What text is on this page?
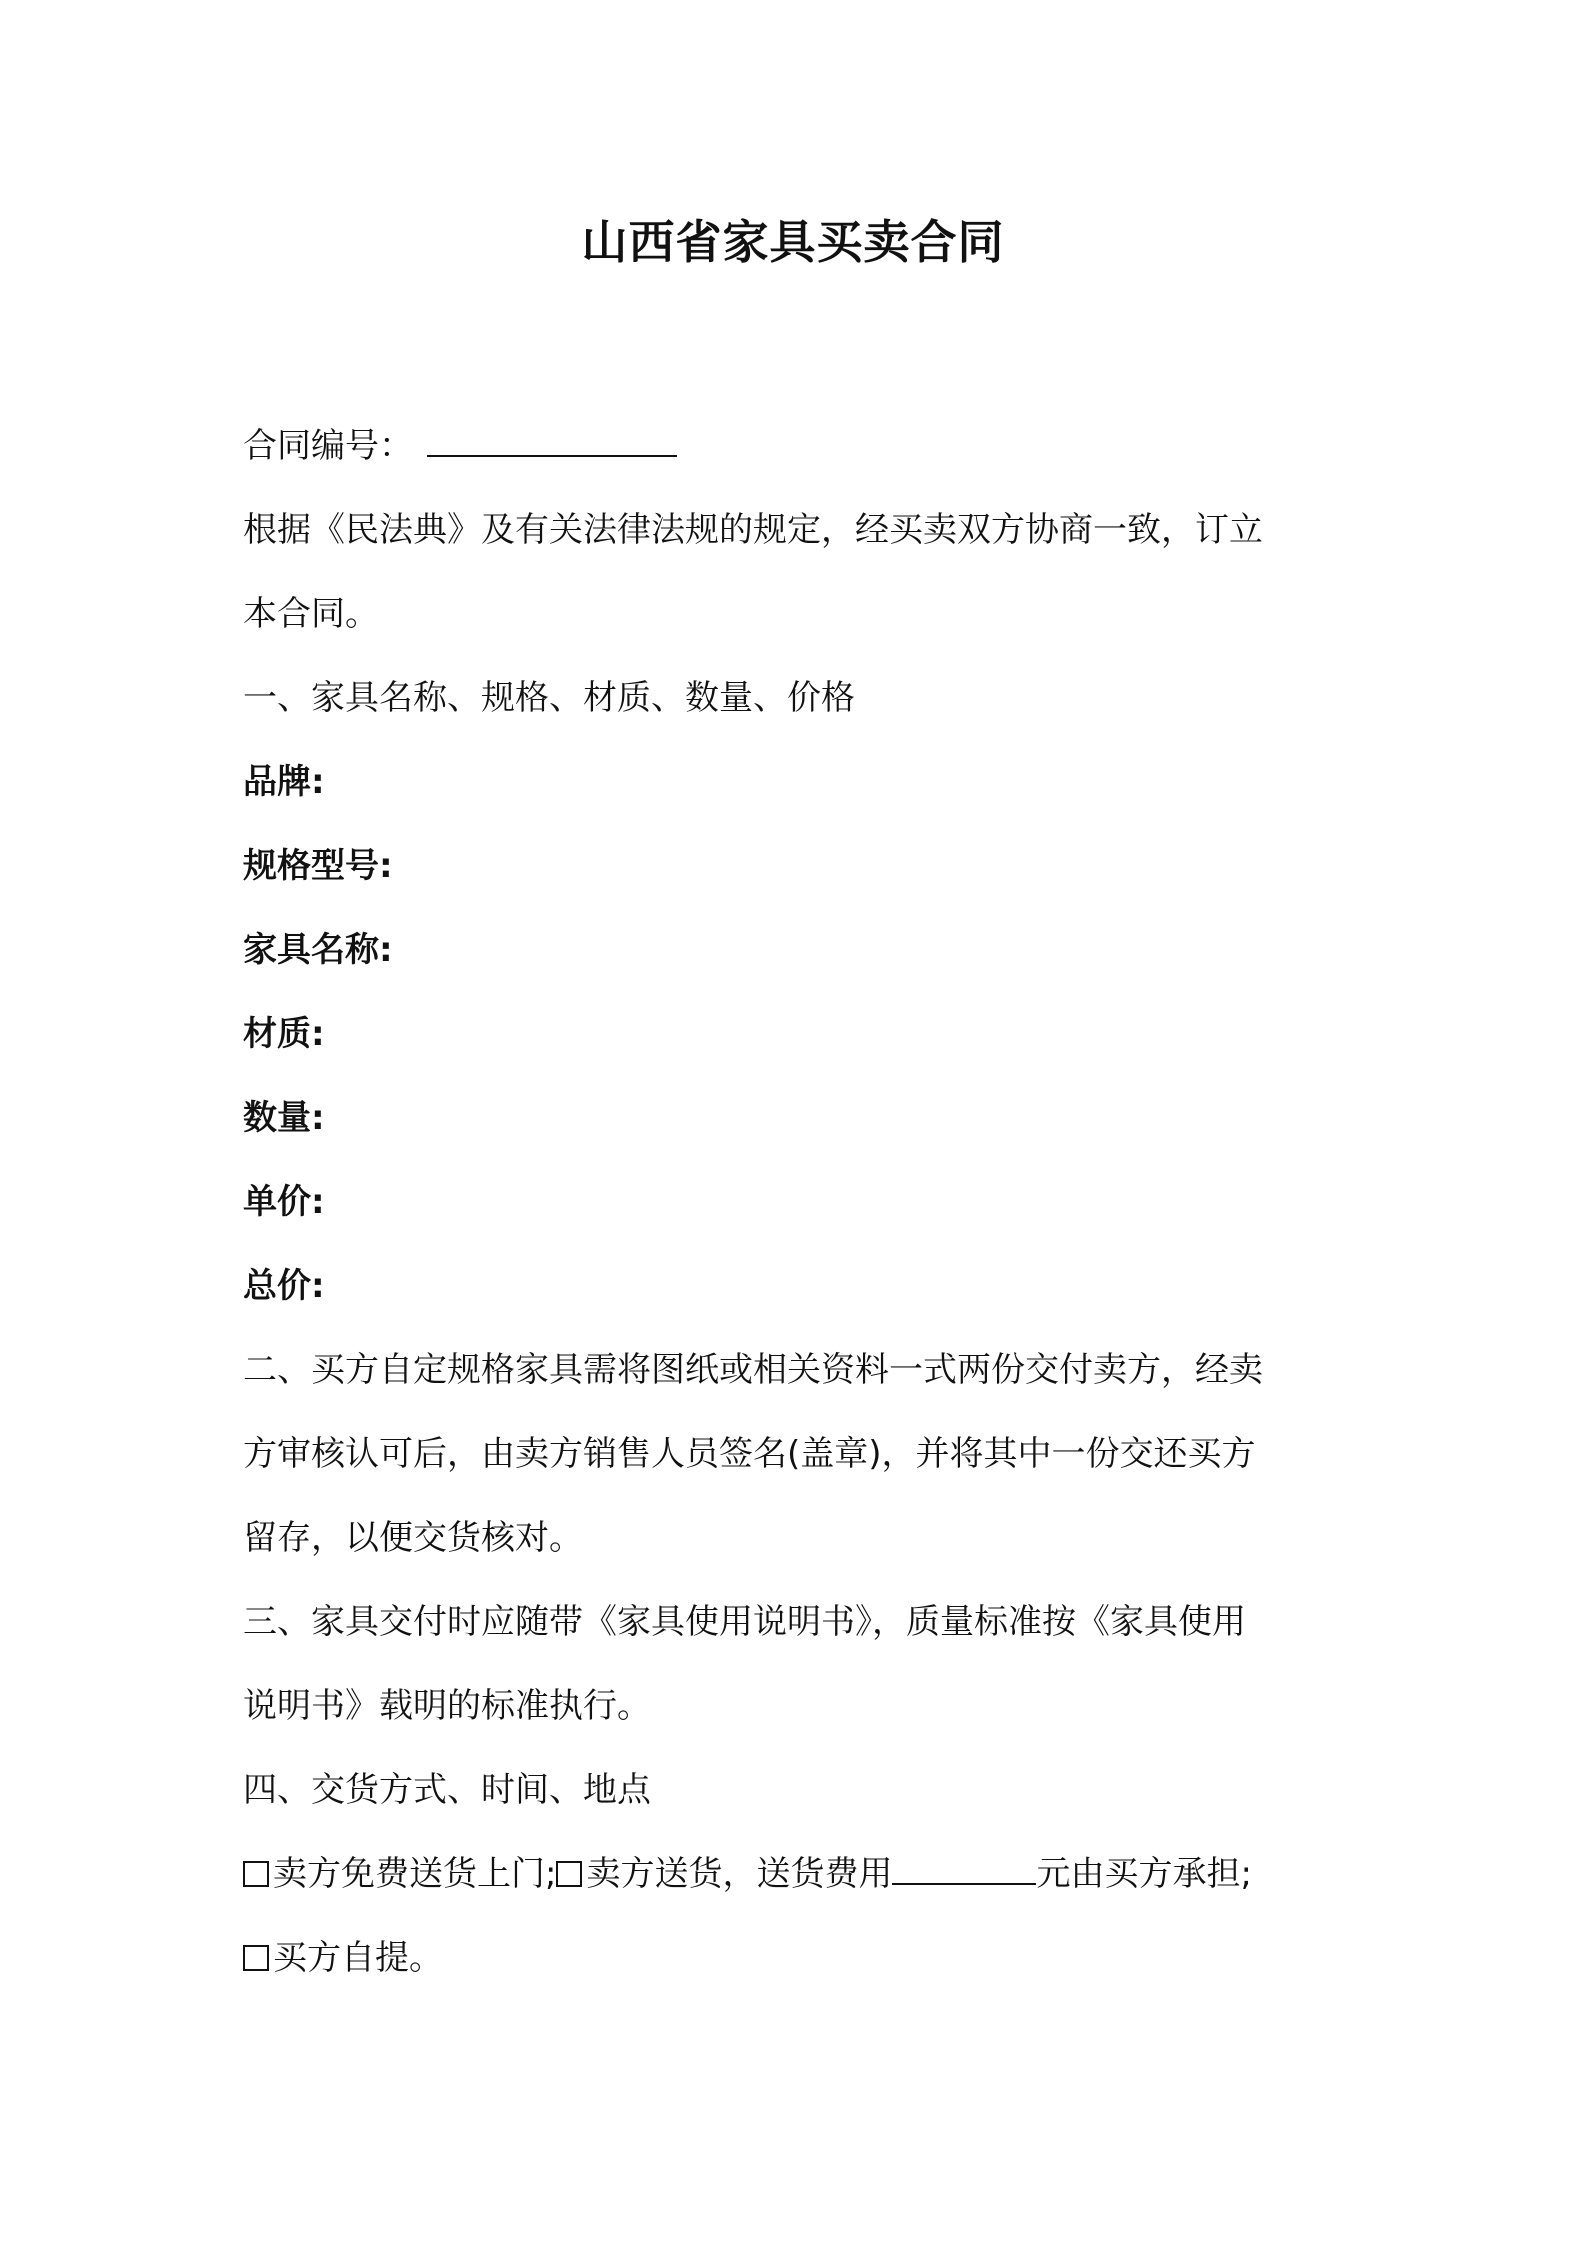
山西省家具买卖合同
合同编号：
根据《民法典》及有关法律法规的规定，经买卖双方协商一致，订立
本合同。
一、家具名称、规格、材质、数量、价格
品牌:
规格型号:
家具名称:
材质:
数量:
单价:
总价:
二、买方自定规格家具需将图纸或相关资料一式两份交付卖方，经卖
方审核认可后，由卖方销售人员签名(盖章)，并将其中一份交还买方
留存，以便交货核对。
三、家具交付时应随带《家具使用说明书》，质量标准按《家具使用
说明书》载明的标准执行。
四、交货方式、时间、地点
卖方免费送货上门; 卖方送货，送货费用	元由买方承担;
买方自提。
